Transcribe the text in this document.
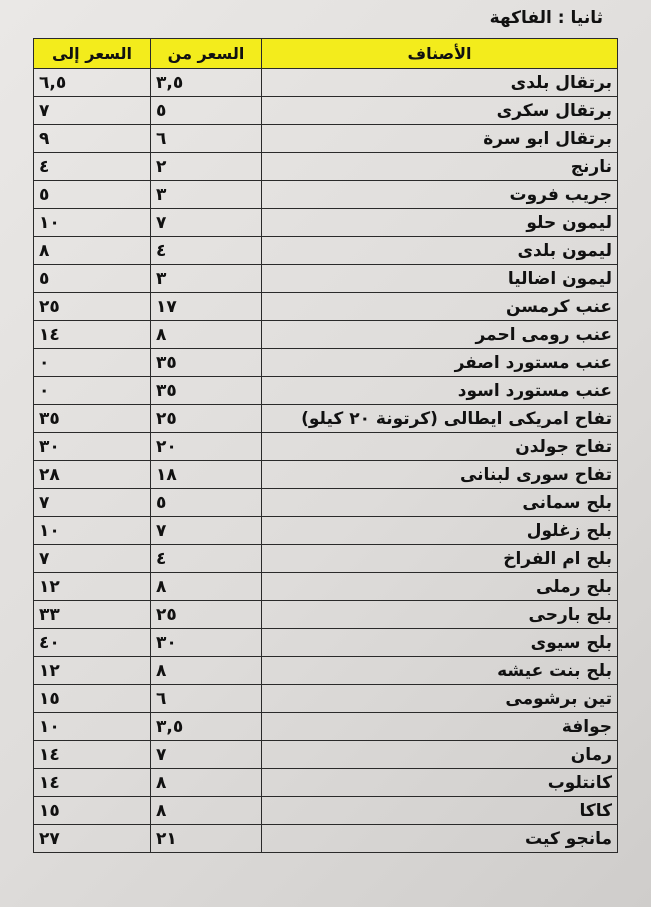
ثانيا : الفاكهة
الأصناف	السعر من	السعر إلى
برتقال بلدى	٣,٥	٦,٥
برتقال سكرى	٥	٧
برتقال ابو سرة	٦	٩
نارنج	٢	٤
جريب فروت	٣	٥
ليمون حلو	٧	١٠
ليمون بلدى	٤	٨
ليمون اضاليا	٣	٥
عنب كرمسن	١٧	٢٥
عنب رومى احمر	٨	١٤
عنب مستورد اصفر	٣٥	٠
عنب مستورد اسود	٣٥	٠
تفاح امريكى ايطالى (كرتونة ٢٠ كيلو)	٢٥	٣٥
تفاح جولدن	٢٠	٣٠
تفاح سورى لبنانى	١٨	٢٨
بلح سمانى	٥	٧
بلح زغلول	٧	١٠
بلح ام الفراخ	٤	٧
بلح رملى	٨	١٢
بلح بارحى	٢٥	٣٣
بلح سيوى	٣٠	٤٠
بلح بنت عيشه	٨	١٢
تين برشومى	٦	١٥
جوافة	٣,٥	١٠
رمان	٧	١٤
كانتلوب	٨	١٤
كاكا	٨	١٥
مانجو كيت	٢١	٢٧
